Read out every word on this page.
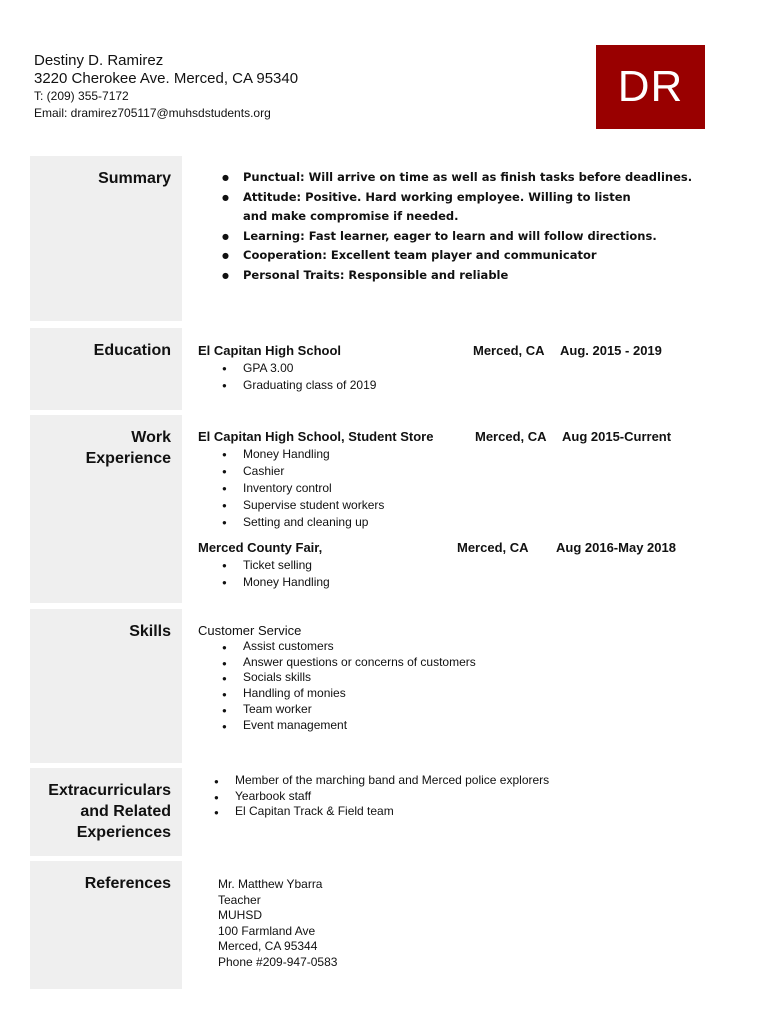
Destiny D. Ramirez
3220 Cherokee Ave. Merced, CA 95340
T: (209) 355-7172
Email: dramirez705117@muhsdstudents.org
DR
Summary
●	Punctual: Will arrive on time as well as finish tasks before deadlines.
● Attitude: Positive. Hard working employee. Willing to listen and make compromise if needed.
● Learning: Fast learner, eager to learn and will follow directions.
● Cooperation: Excellent team player and communicator
● Personal Traits: Responsible and reliable
Education	El Capitan High School	Merced, CA Aug. 2015 - 2019
● GPA 3.00
● Graduating class of 2019
Work
Experience
El Capitan High School, Student Store	Merced, CA Aug 2015-Current
● Money Handling
● Cashier
● Inventory control
● Supervise student workers
● Setting and cleaning up
Merced County Fair,	Merced, CA Aug 2016-May 2018
● Ticket selling
● Money Handling
Skills	Customer Service
● Assist customers
● Answer questions or concerns of customers
● Socials skills
● Handling of monies
● Team worker
● Event management
Extracurriculars
and Related
Experiences
● Member of the marching band and Merced police explorers
● Yearbook staff
● El Capitan Track & Field team
References	Mr. Matthew Ybarra
Teacher
MUHSD
100 Farmland Ave
Merced, CA 95344
Phone #209-947-0583
